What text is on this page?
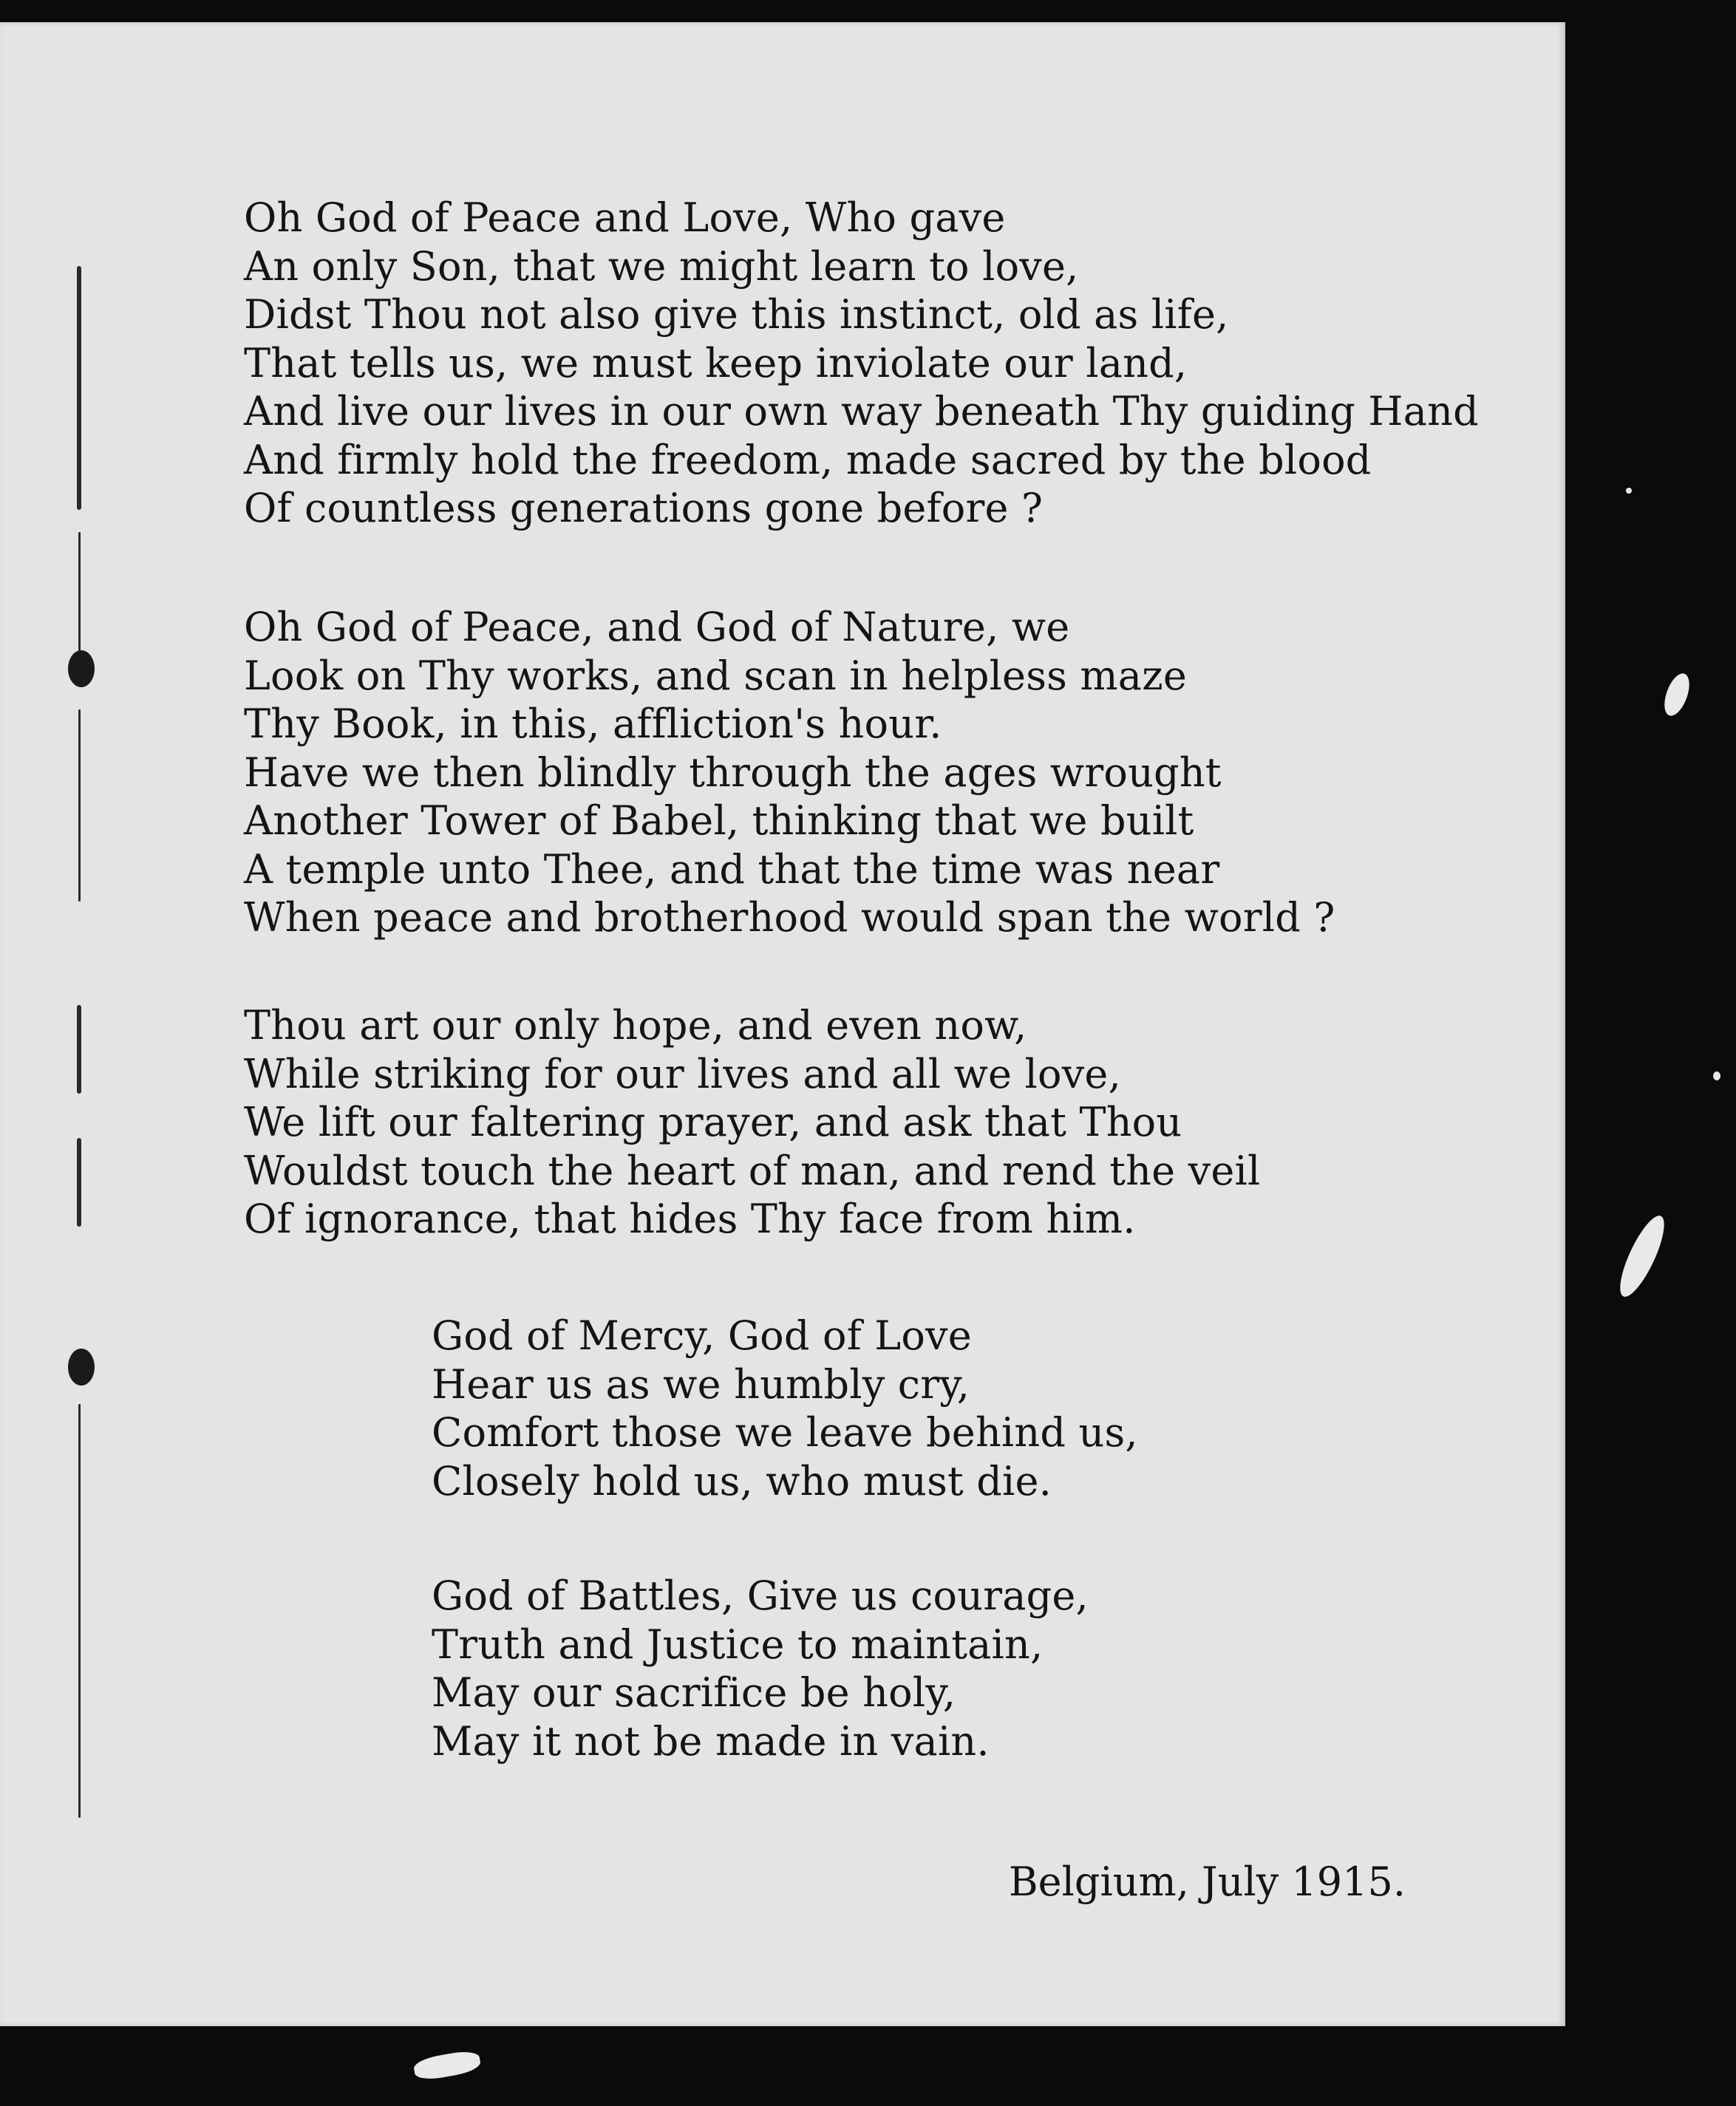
Oh God of Peace and Love, Who gave

An only Son, that we might learn to love,

Didst Thou not also give this instinct, old as life,

That tells us, we must keep inviolate our land,

And live our lives in our own way beneath Thy guiding Hand

And firmly hold the freedom, made sacred by the blood

Of countless generations gone before ?

Oh God of Peace, and God of Nature, we

Look on Thy works, and scan in helpless maze

Thy Book, in this, affliction's hour.

Have we then blindly through the ages wrought

Another Tower of Babel, thinking that we built

A temple unto Thee, and that the time was near

When peace and brotherhood would span the world ?

Thou art our only hope, and even now,

While striking for our lives and all we love,

We lift our faltering prayer, and ask that Thou

Wouldst touch the heart of man, and rend the veil

Of ignorance, that hides Thy face from him.

God of Mercy, God of Love

Hear us as we humbly cry,

Comfort those we leave behind us,

Closely hold us, who must die.

God of Battles, Give us courage,

Truth and Justice to maintain,

May our sacrifice be holy,

May it not be made in vain.

Belgium, July 1915.
